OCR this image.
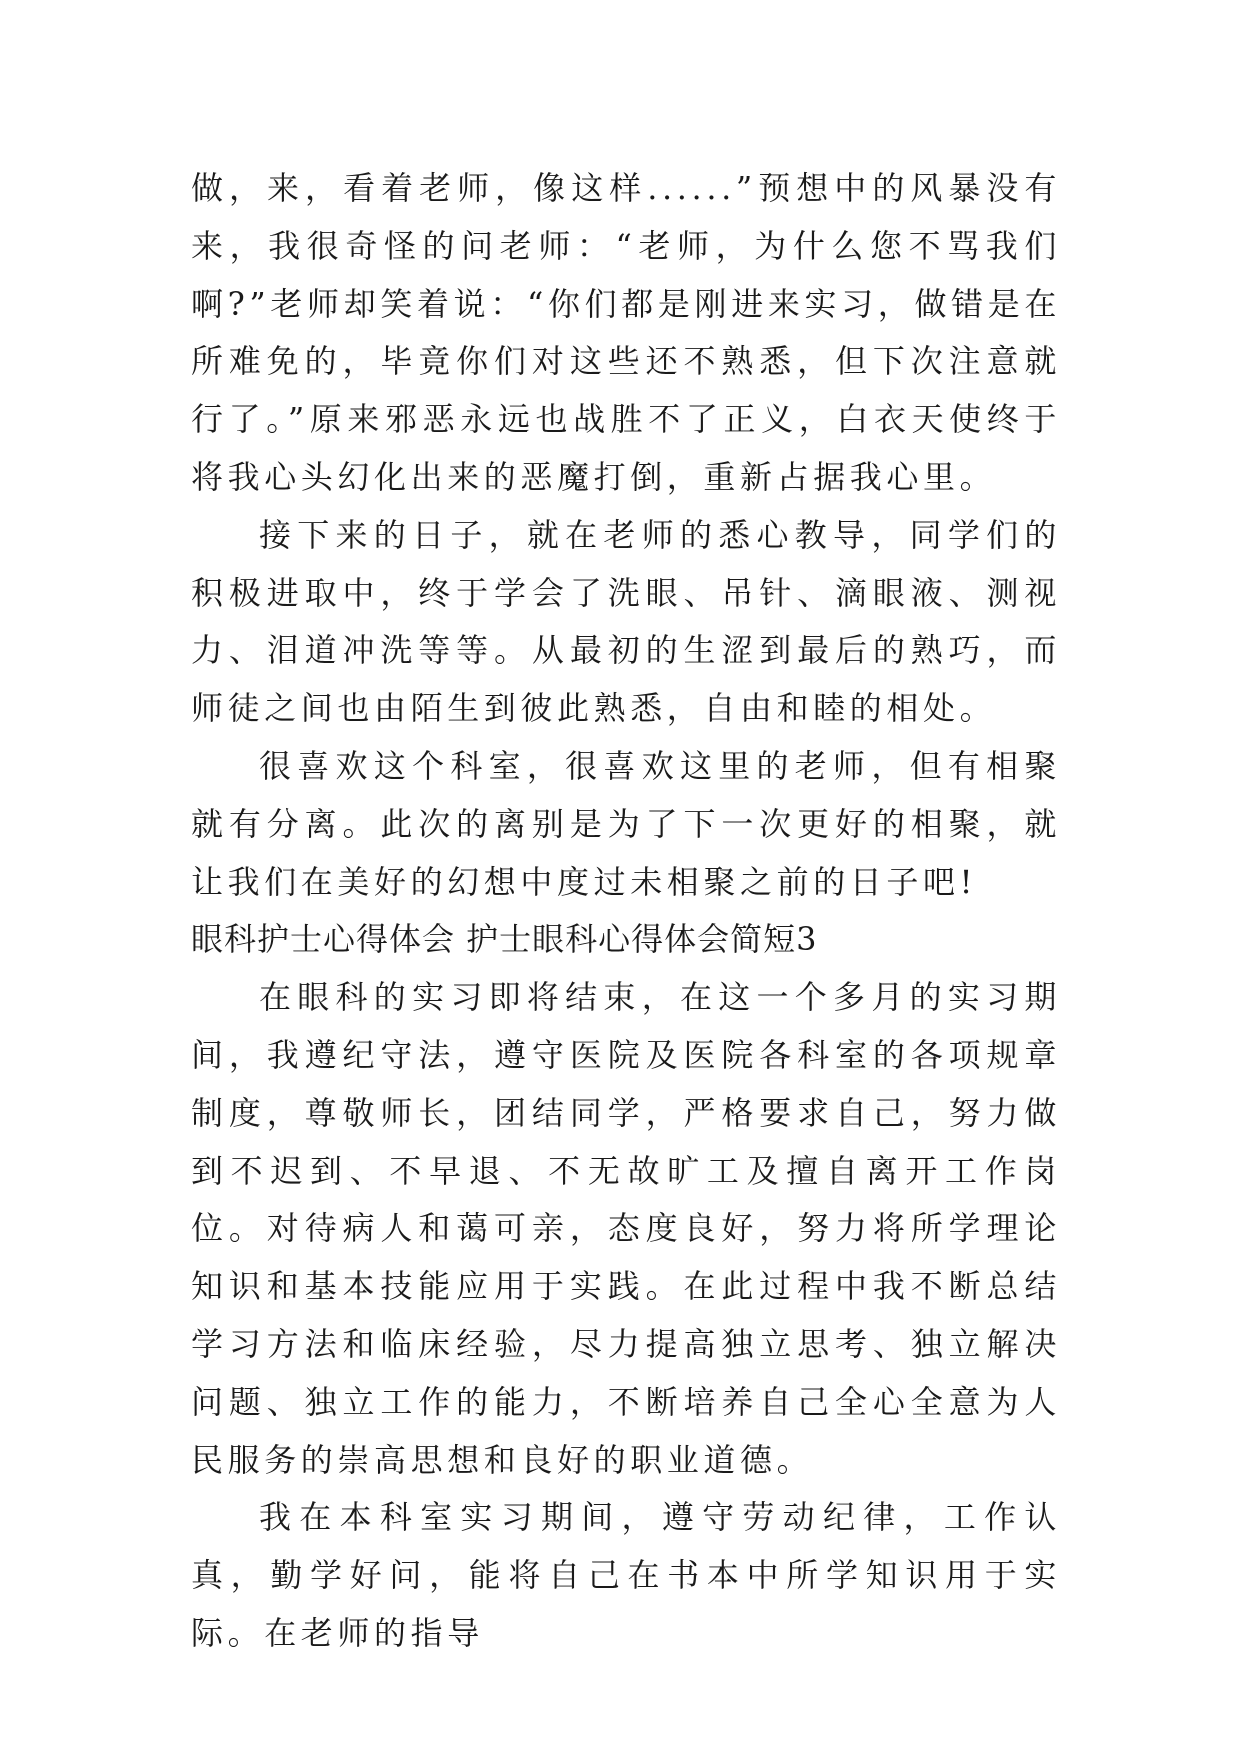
做，来，看着老师，像这样......”预想中的风暴没有来，我很奇怪的问老师：“老师，为什么您不骂我们啊?”老师却笑着说：“你们都是刚进来实习，做错是在所难免的，毕竟你们对这些还不熟悉，但下次注意就行了。”原来邪恶永远也战胜不了正义，白衣天使终于将我心头幻化出来的恶魔打倒，重新占据我心里。

接下来的日子，就在老师的悉心教导，同学们的积极进取中，终于学会了洗眼、吊针、滴眼液、测视力、泪道冲洗等等。从最初的生涩到最后的熟巧，而师徒之间也由陌生到彼此熟悉，自由和睦的相处。

很喜欢这个科室，很喜欢这里的老师，但有相聚就有分离。此次的离别是为了下一次更好的相聚，就让我们在美好的幻想中度过未相聚之前的日子吧!

眼科护士心得体会 护士眼科心得体会简短3

在眼科的实习即将结束，在这一个多月的实习期间，我遵纪守法，遵守医院及医院各科室的各项规章制度，尊敬师长，团结同学，严格要求自己，努力做到不迟到、不早退、不无故旷工及擅自离开工作岗位。对待病人和蔼可亲，态度良好，努力将所学理论知识和基本技能应用于实践。在此过程中我不断总结学习方法和临床经验，尽力提高独立思考、独立解决问题、独立工作的能力，不断培养自己全心全意为人民服务的崇高思想和良好的职业道德。

我在本科室实习期间，遵守劳动纪律，工作认真，勤学好问，能将自己在书本中所学知识用于实际。在老师的指导
